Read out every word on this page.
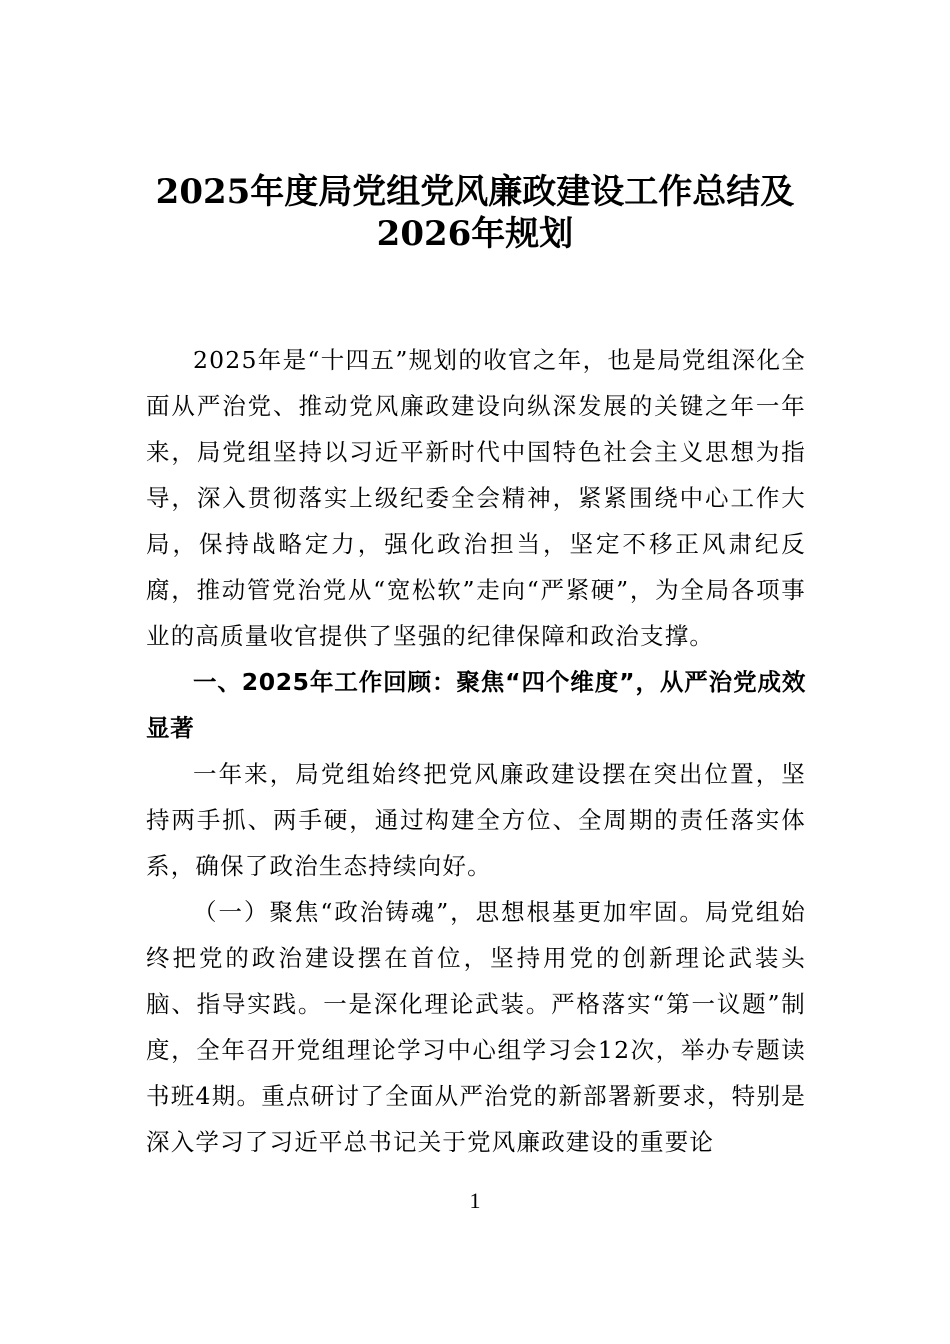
2025年度局党组党风廉政建设工作总结及
2026年规划

2025年是“十四五”规划的收官之年，也是局党组深化全面从严治党、推动党风廉政建设向纵深发展的关键之年一年来，局党组坚持以习近平新时代中国特色社会主义思想为指导，深入贯彻落实上级纪委全会精神，紧紧围绕中心工作大局，保持战略定力，强化政治担当，坚定不移正风肃纪反腐，推动管党治党从“宽松软”走向“严紧硬”，为全局各项事业的高质量收官提供了坚强的纪律保障和政治支撑。

一、2025年工作回顾：聚焦“四个维度”，从严治党成效显著

一年来，局党组始终把党风廉政建设摆在突出位置，坚持两手抓、两手硬，通过构建全方位、全周期的责任落实体系，确保了政治生态持续向好。

（一）聚焦“政治铸魂”，思想根基更加牢固。局党组始终把党的政治建设摆在首位，坚持用党的创新理论武装头脑、指导实践。一是深化理论武装。严格落实“第一议题”制度，全年召开党组理论学习中心组学习会12次，举办专题读书班4期。重点研讨了全面从严治党的新部署新要求，特别是深入学习了习近平总书记关于党风廉政建设的重要论

1
